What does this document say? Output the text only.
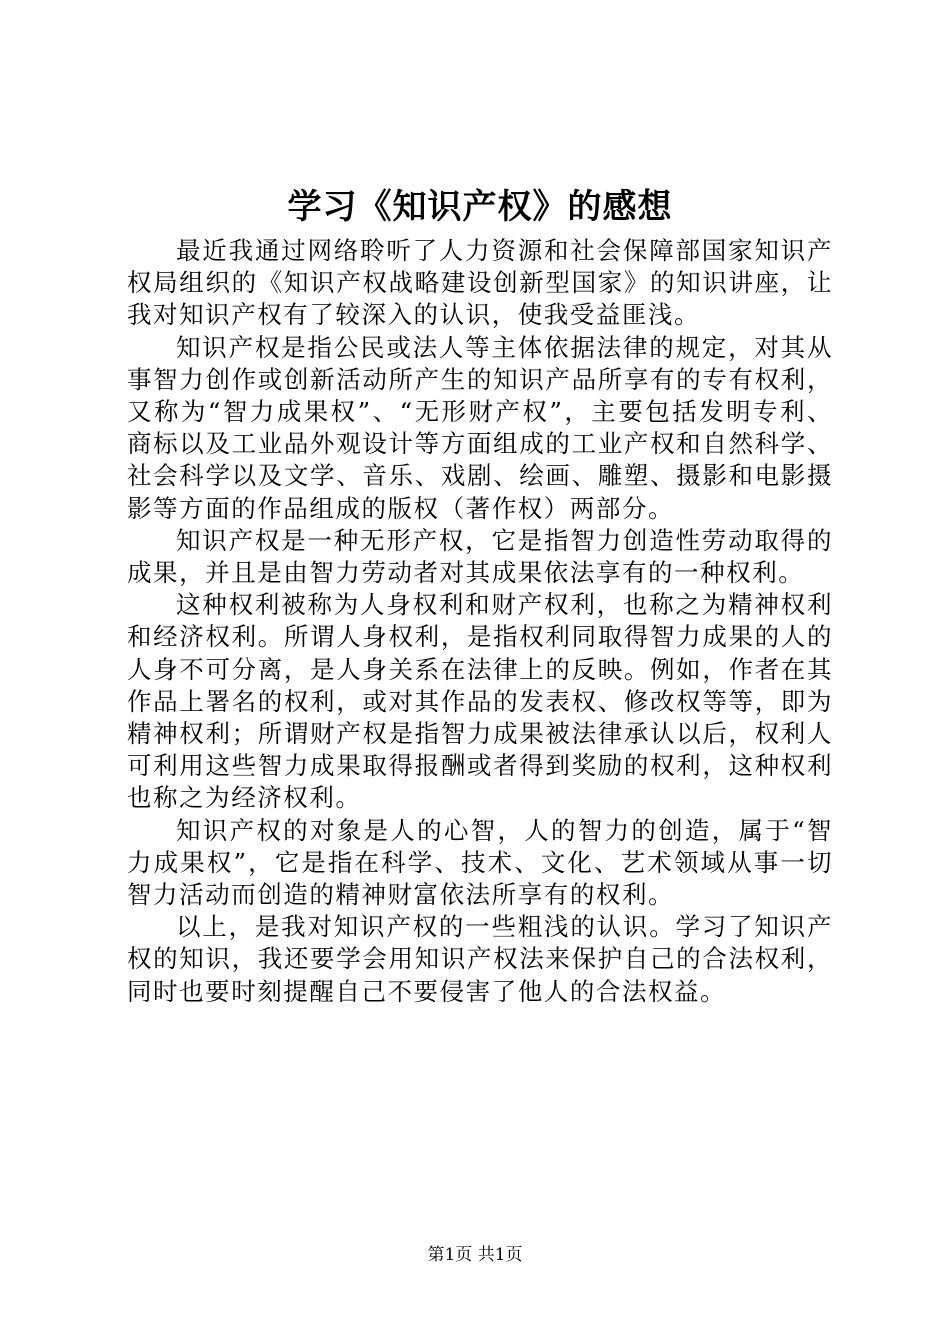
学习《知识产权》的感想

最近我通过网络聆听了人力资源和社会保障部国家知识产权局组织的《知识产权战略建设创新型国家》的知识讲座，让我对知识产权有了较深入的认识，使我受益匪浅。

知识产权是指公民或法人等主体依据法律的规定，对其从事智力创作或创新活动所产生的知识产品所享有的专有权利，又称为“智力成果权”、“无形财产权”，主要包括发明专利、商标以及工业品外观设计等方面组成的工业产权和自然科学、社会科学以及文学、音乐、戏剧、绘画、雕塑、摄影和电影摄影等方面的作品组成的版权（著作权）两部分。

知识产权是一种无形产权，它是指智力创造性劳动取得的成果，并且是由智力劳动者对其成果依法享有的一种权利。

这种权利被称为人身权利和财产权利，也称之为精神权利和经济权利。所谓人身权利，是指权利同取得智力成果的人的人身不可分离，是人身关系在法律上的反映。例如，作者在其作品上署名的权利，或对其作品的发表权、修改权等等，即为精神权利；所谓财产权是指智力成果被法律承认以后，权利人可利用这些智力成果取得报酬或者得到奖励的权利，这种权利也称之为经济权利。

知识产权的对象是人的心智，人的智力的创造，属于“智力成果权”，它是指在科学、技术、文化、艺术领域从事一切智力活动而创造的精神财富依法所享有的权利。

以上，是我对知识产权的一些粗浅的认识。学习了知识产权的知识，我还要学会用知识产权法来保护自己的合法权利，同时也要时刻提醒自己不要侵害了他人的合法权益。

第1页 共1页
